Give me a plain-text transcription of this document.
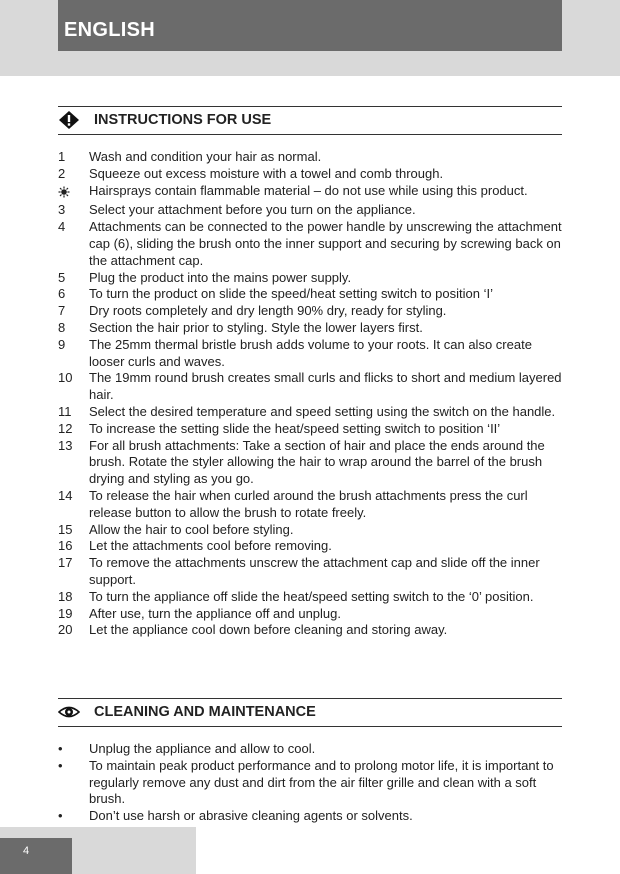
ENGLISH
INSTRUCTIONS FOR USE
1	Wash and condition your hair as normal.
2	Squeeze out excess moisture with a towel and comb through.
Hairsprays contain flammable material – do not use while using this product.
3	Select your attachment before you turn on the appliance.
4	Attachments can be connected to the power handle by unscrewing the attachment cap (6), sliding the brush onto the inner support and securing by screwing back on the attachment cap.
5	Plug the product into the mains power supply.
6	To turn the product on slide the speed/heat setting switch to position ‘I’
7	Dry roots completely and dry length 90% dry, ready for styling.
8	Section the hair prior to styling. Style the lower layers first.
9	The 25mm thermal bristle brush adds volume to your roots. It can also create looser curls and waves.
10	The 19mm round brush creates small curls and flicks to short and medium layered hair.
11	Select the desired temperature and speed setting using the switch on the handle.
12	To increase the setting slide the heat/speed setting switch to position ‘II’
13	For all brush attachments: Take a section of hair and place the ends around the brush. Rotate the styler allowing the hair to wrap around the barrel of the brush drying and styling as you go.
14	To release the hair when curled around the brush attachments press the curl release button to allow the brush to rotate freely.
15	Allow the hair to cool before styling.
16	Let the attachments cool before removing.
17	To remove the attachments unscrew the attachment cap and slide off the inner support.
18	To turn the appliance off slide the heat/speed setting switch to the ‘0’ position.
19	After use, turn the appliance off and unplug.
20	Let the appliance cool down before cleaning and storing away.
CLEANING AND MAINTENANCE
•	Unplug the appliance and allow to cool.
•	To maintain peak product performance and to prolong motor life, it is important to regularly remove any dust and dirt from the air filter grille and clean with a soft brush.
•	Don’t use harsh or abrasive cleaning agents or solvents.
4
